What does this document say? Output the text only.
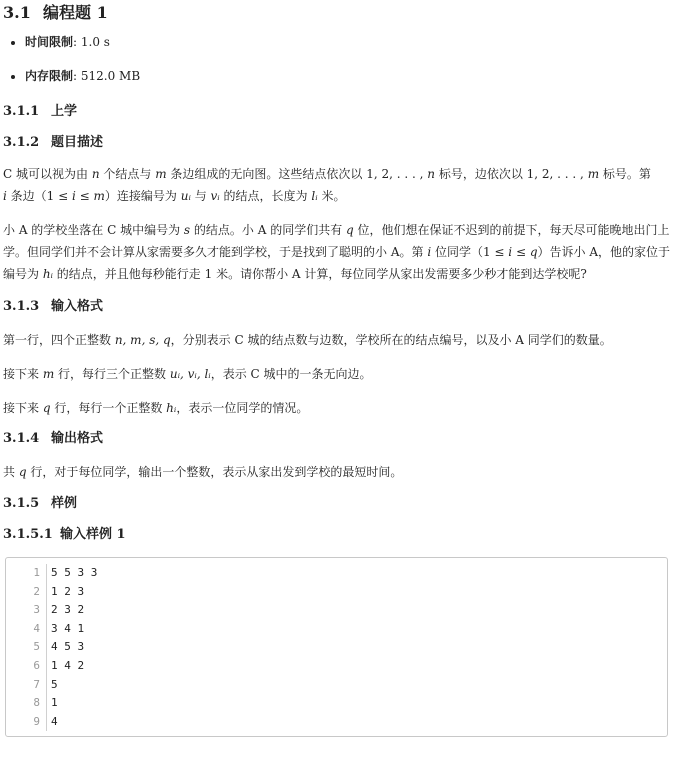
3.1 编程题 1
• 时间限制: 1.0 s
• 内存限制: 512.0 MB
3.1.1 上学
3.1.2 题目描述

C 城可以视为由 n 个结点与 m 条边组成的无向图。这些结点依次以 1, 2, . . . , n 标号，边依次以 1, 2, . . . , m 标号。第
i 条边（1 ≤ i ≤ m）连接编号为 uᵢ 与 vᵢ 的结点，长度为 lᵢ 米。

小 A 的学校坐落在 C 城中编号为 s 的结点。小 A 的同学们共有 q 位，他们想在保证不迟到的前提下，每天尽可能晚地出门上学。但同学们并不会计算从家需要多久才能到学校，于是找到了聪明的小 A。第 i 位同学（1 ≤ i ≤ q）告诉小 A，他的家位于编号为 hᵢ 的结点，并且他每秒能行走 1 米。请你帮小 A 计算，每位同学从家出发需要多少秒才能到达学校呢?

3.1.3 输入格式

第一行，四个正整数 n, m, s, q，分别表示 C 城的结点数与边数，学校所在的结点编号，以及小 A 同学们的数量。

接下来 m 行，每行三个正整数 uᵢ, vᵢ, lᵢ，表示 C 城中的一条无向边。

接下来 q 行，每行一个正整数 hᵢ，表示一位同学的情况。

3.1.4 输出格式

共 q 行，对于每位同学，输出一个整数，表示从家出发到学校的最短时间。

3.1.5 样例
3.1.5.1 输入样例 1
1 5 5 3 3
2 1 2 3
3 2 3 2
4 3 4 1
5 4 5 3
6 1 4 2
7 5
8 1
9 4
